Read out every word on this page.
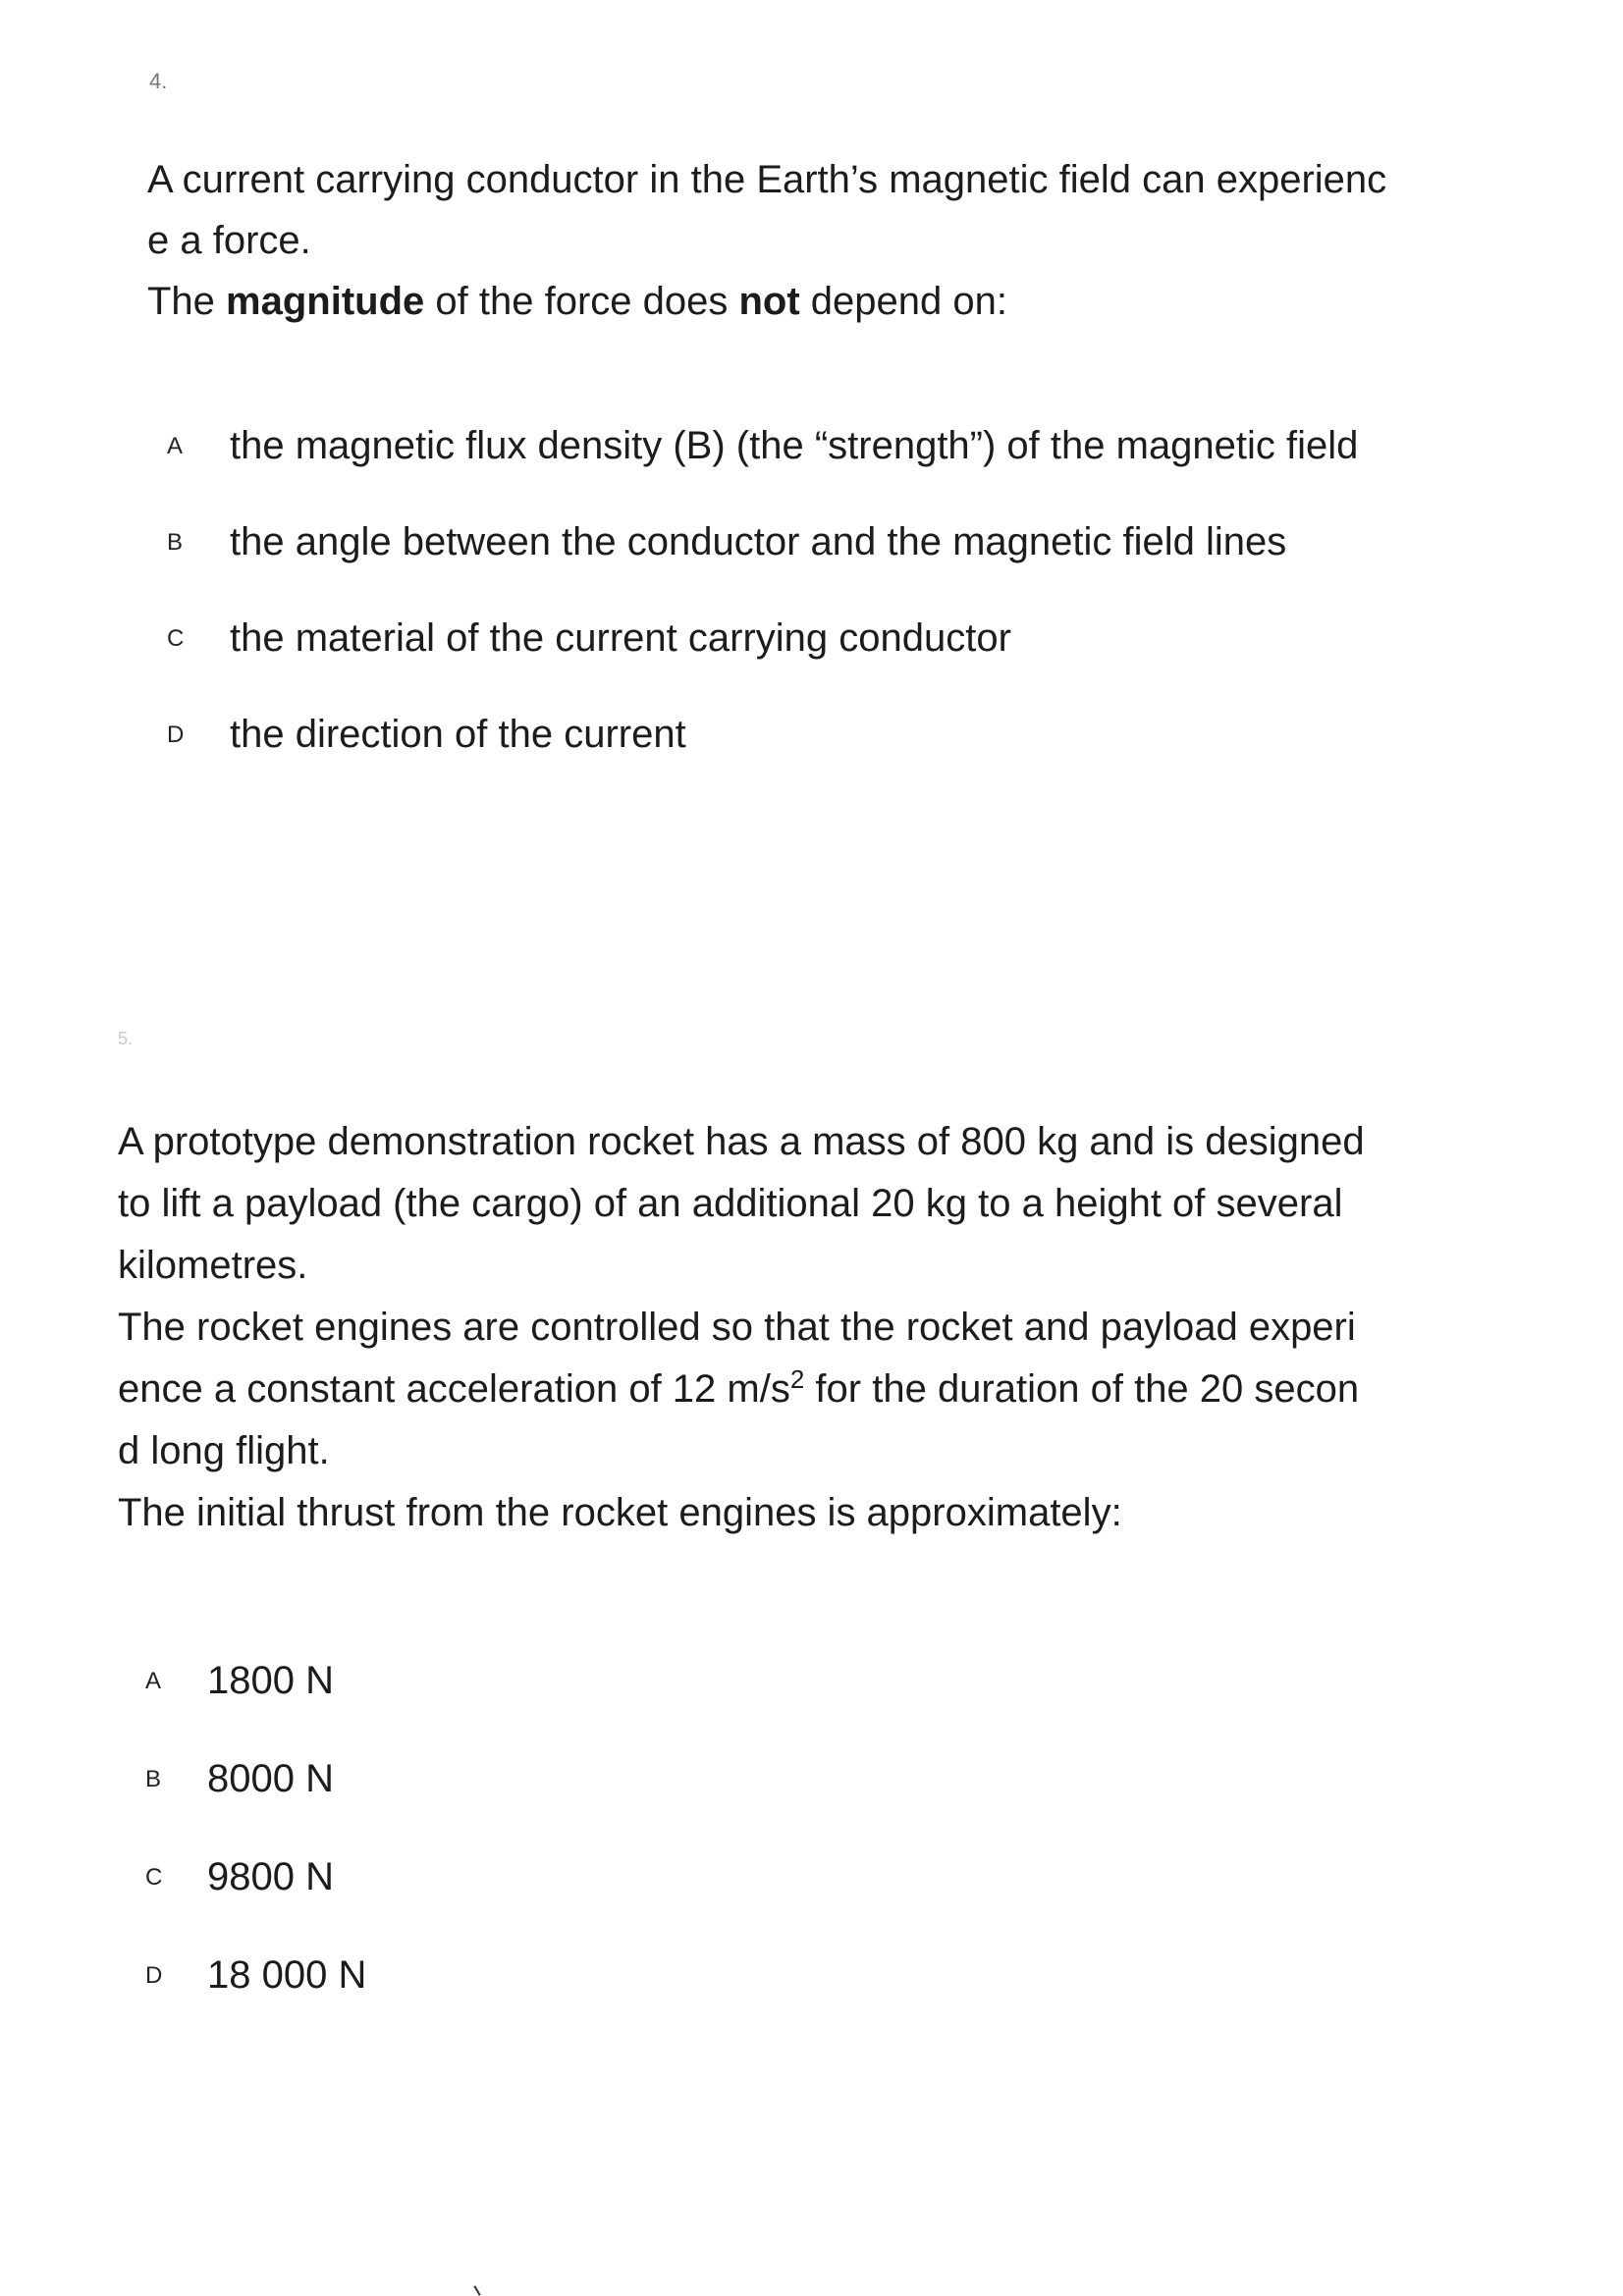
4.

A current carrying conductor in the Earth’s magnetic field can experienc

e a force.

The magnitude of the force does not depend on:

A the magnetic flux density (B) (the “strength”) of the magnetic field
B the angle between the conductor and the magnetic field lines
C the material of the current carrying conductor
D the direction of the current
5.

A prototype demonstration rocket has a mass of 800 kg and is designed

to lift a payload (the cargo) of an additional 20 kg to a height of several

kilometres.

The rocket engines are controlled so that the rocket and payload experi

ence a constant acceleration of 12 $m/s^2$ for the duration of the 20 secon

d long flight.

The initial thrust from the rocket engines is approximately:

A 1800 N
B 8000 N
C 9800 N
D 18 000 N
